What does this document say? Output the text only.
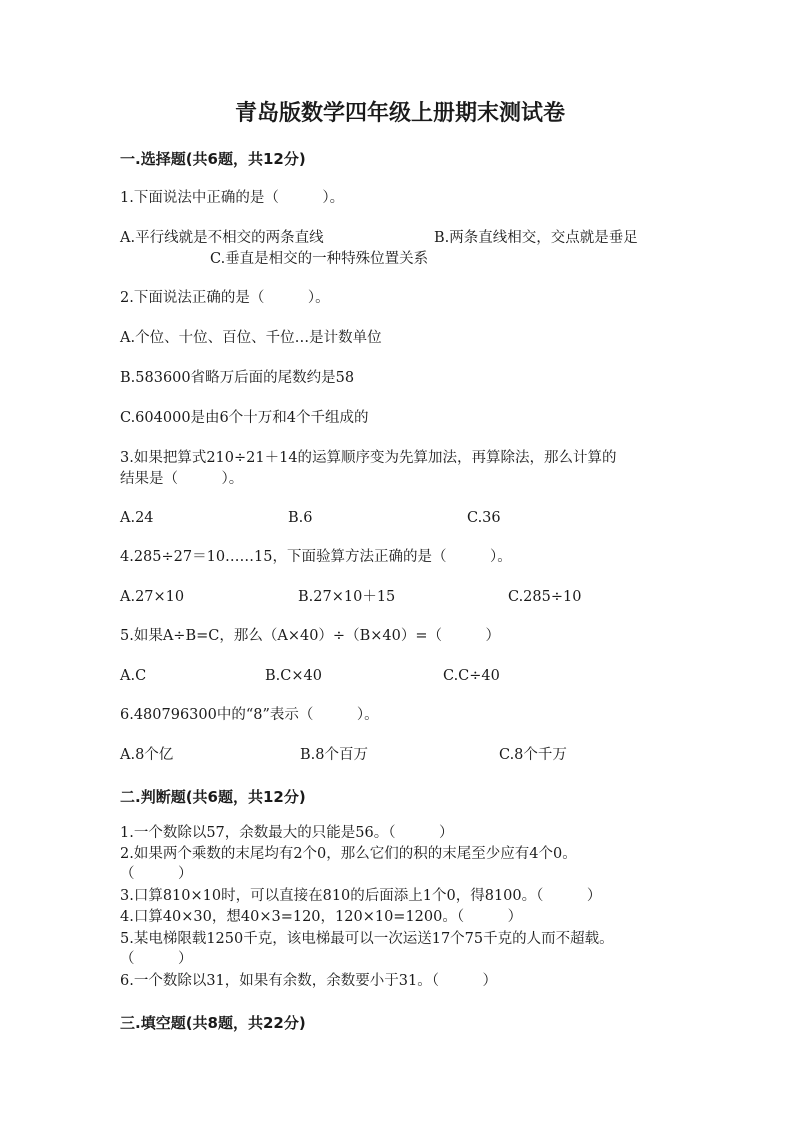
青岛版数学四年级上册期末测试卷
一.选择题(共6题，共12分)
1.下面说法中正确的是（　　　）。
A.平行线就是不相交的两条直线	B.两条直线相交，交点就是垂足
C.垂直是相交的一种特殊位置关系
2.下面说法正确的是（　　　）。
A.个位、十位、百位、千位…是计数单位
B.583600省略万后面的尾数约是58
C.604000是由6个十万和4个千组成的
3.如果把算式210÷21＋14的运算顺序变为先算加法，再算除法，那么计算的
结果是（　　　）。
A.24	B.6	C.36
4.285÷27＝10……15，下面验算方法正确的是（　　　）。
A.27×10	B.27×10＋15	C.285÷10
5.如果A÷B=C，那么（A×40）÷（B×40）=（　　　）
A.C	B.C×40	C.C÷40
6.480796300中的“8”表示（　　　）。
A.8个亿	B.8个百万	C.8个千万
二.判断题(共6题，共12分)
1.一个数除以57，余数最大的只能是56。（　　　）
2.如果两个乘数的末尾均有2个0，那么它们的积的末尾至少应有4个0。
（　　　）
3.口算810×10时，可以直接在810的后面添上1个0，得8100。（　　　）
4.口算40×30，想40×3=120，120×10=1200。（　　　）
5.某电梯限载1250千克，该电梯最可以一次运送17个75千克的人而不超载。
（　　　）
6.一个数除以31，如果有余数，余数要小于31。（　　　）
三.填空题(共8题，共22分)
